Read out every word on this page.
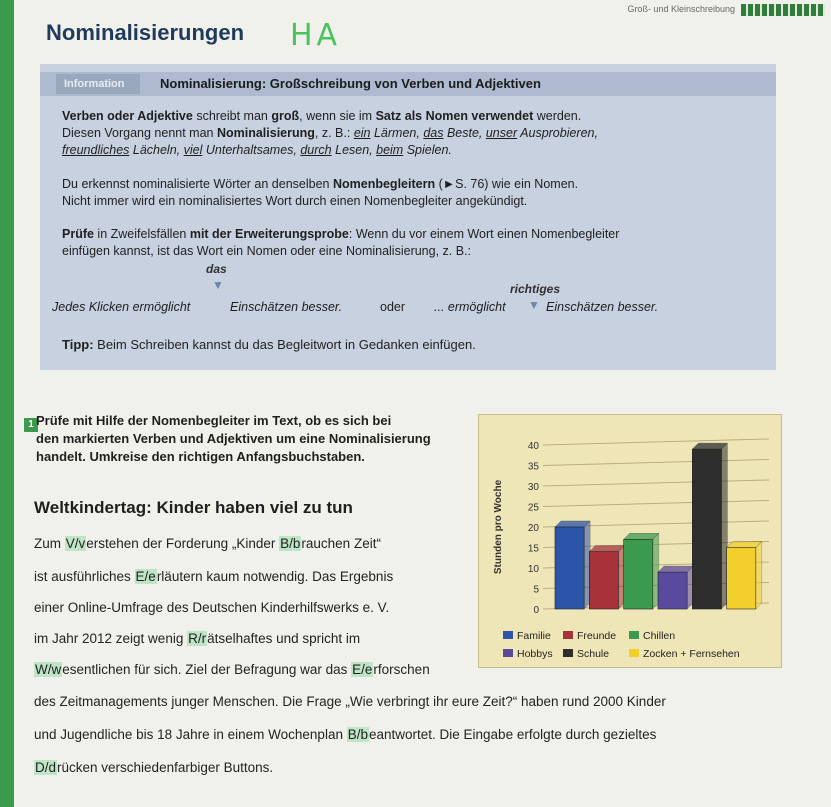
Groß- und Kleinschreibung
Nominalisierungen HA
Information	Nominalisierung: Großschreibung von Verben und Adjektiven
Verben oder Adjektive schreibt man groß, wenn sie im Satz als Nomen verwendet werden.
Diesen Vorgang nennt man Nominalisierung, z. B.: ein Lärmen, das Beste, unser Ausprobieren,
freundliches Lächeln, viel Unterhaltsames, durch Lesen, beim Spielen.
Du erkennst nominalisierte Wörter an denselben Nomenbegleitern (►S. 76) wie ein Nomen.
Nicht immer wird ein nominalisiertes Wort durch einen Nomenbegleiter angekündigt.
Prüfe in Zweifelsfällen mit der Erweiterungsprobe: Wenn du vor einem Wort einen Nomenbegleiter
einfügen kannst, ist das Wort ein Nomen oder eine Nominalisierung, z. B.:
das
▼	richtiges
▼
Jedes Klicken ermöglicht	Einschätzen besser.	oder ... ermöglicht	Einschätzen besser.
Tipp: Beim Schreiben kannst du das Begleitwort in Gedanken einfügen.
1 Prüfe mit Hilfe der Nomenbegleiter im Text, ob es sich bei
den markierten Verben und Adjektiven um eine Nominalisierung
handelt. Umkreise den richtigen Anfangsbuchstaben.
Weltkindertag: Kinder haben viel zu tun
Zum V/verstehen der Forderung „Kinder B/brauchen Zeit“
ist ausführliches E/erläutern kaum notwendig. Das Ergebnis
einer Online-Umfrage des Deutschen Kinderhilfswerks e. V.
im Jahr 2012 zeigt wenig R/rätselhaftes und spricht im
W/wesentlichen für sich. Ziel der Befragung war das E/erforschen
des Zeitmanagements junger Menschen. Die Frage „Wie verbringt ihr eure Zeit?“ haben rund 2000 Kinder
und Jugendliche bis 18 Jahre in einem Wochenplan B/beantwortet. Die Eingabe erfolgte durch gezieltes
D/drücken verschiedenfarbiger Buttons.
0
5
10
15
20
25
30
35
40
Stunden pro Woche
Familie Freunde	Chillen
Hobbys Schule	Zocken + Fernsehen
